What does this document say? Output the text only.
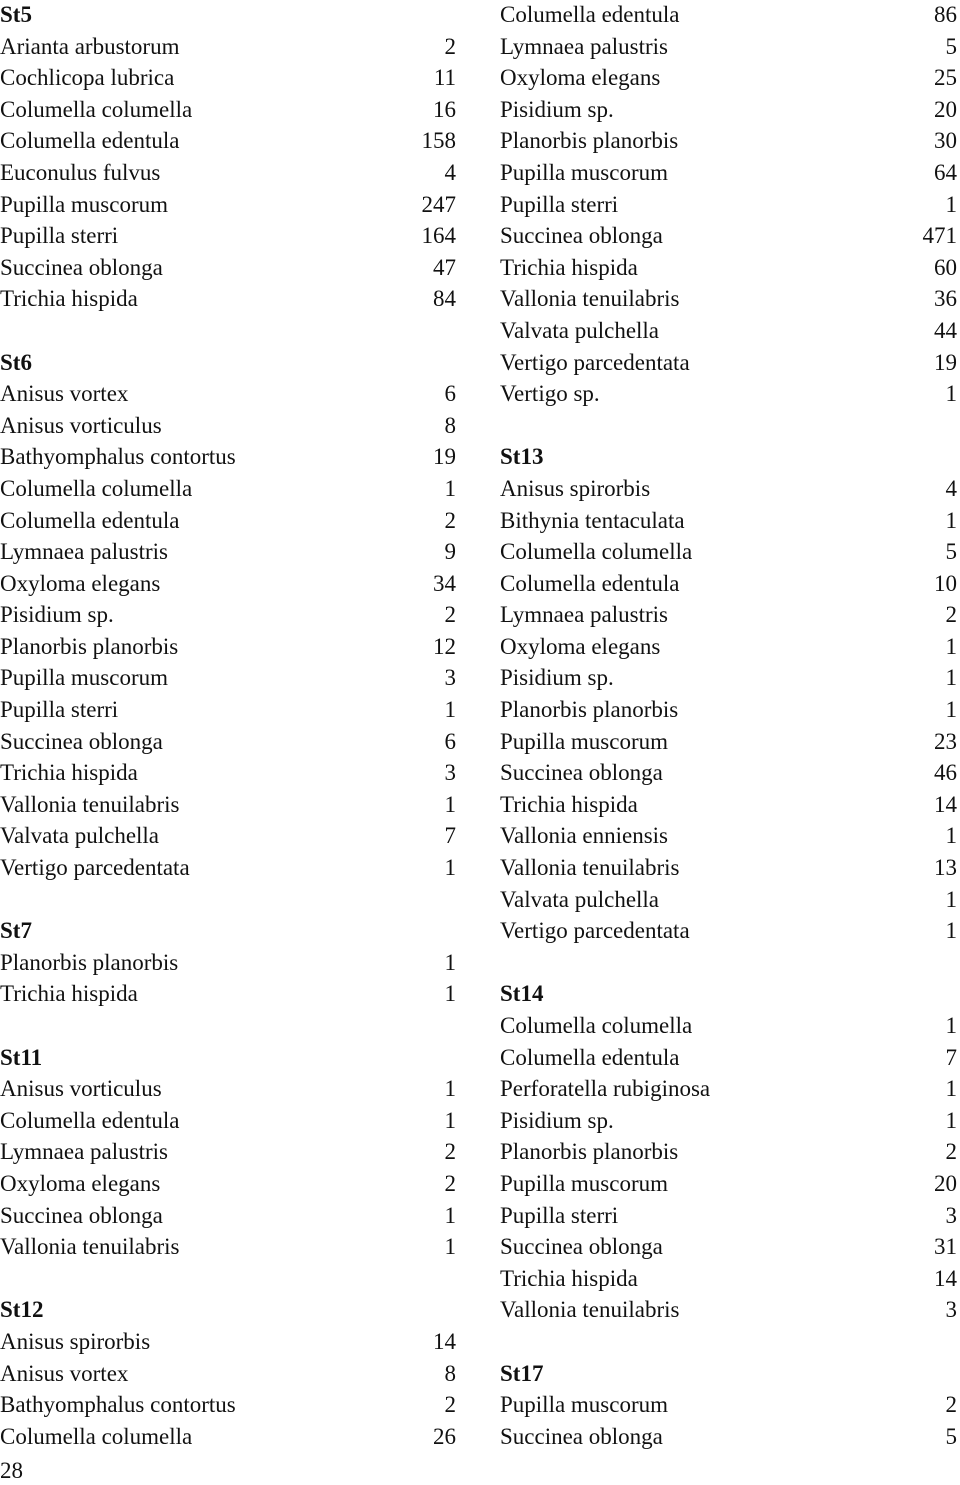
St5
Arianta arbustorum	2
Cochlicopa lubrica	11
Columella columella	16
Columella edentula	158
Euconulus fulvus	4
Pupilla muscorum	247
Pupilla sterri	164
Succinea oblonga	47
Trichia hispida	84
St6
Anisus vortex	6
Anisus vorticulus	8
Bathyomphalus contortus	19
Columella columella	1
Columella edentula	2
Lymnaea palustris	9
Oxyloma elegans	34
Pisidium sp.	2
Planorbis planorbis	12
Pupilla muscorum	3
Pupilla sterri	1
Succinea oblonga	6
Trichia hispida	3
Vallonia tenuilabris	1
Valvata pulchella	7
Vertigo parcedentata	1
St7
Planorbis planorbis	1
Trichia hispida	1
St11
Anisus vorticulus	1
Columella edentula	1
Lymnaea palustris	2
Oxyloma elegans	2
Succinea oblonga	1
Vallonia tenuilabris	1
St12
Anisus spirorbis	14
Anisus vortex	8
Bathyomphalus contortus	2
Columella columella	26
Columella edentula	86
Lymnaea palustris	5
Oxyloma elegans	25
Pisidium sp.	20
Planorbis planorbis	30
Pupilla muscorum	64
Pupilla sterri	1
Succinea oblonga	471
Trichia hispida	60
Vallonia tenuilabris	36
Valvata pulchella	44
Vertigo parcedentata	19
Vertigo sp.	1
St13
Anisus spirorbis	4
Bithynia tentaculata	1
Columella columella	5
Columella edentula	10
Lymnaea palustris	2
Oxyloma elegans	1
Pisidium sp.	1
Planorbis planorbis	1
Pupilla muscorum	23
Succinea oblonga	46
Trichia hispida	14
Vallonia enniensis	1
Vallonia tenuilabris	13
Valvata pulchella	1
Vertigo parcedentata	1
St14
Columella columella	1
Columella edentula	7
Perforatella rubiginosa	1
Pisidium sp.	1
Planorbis planorbis	2
Pupilla muscorum	20
Pupilla sterri	3
Succinea oblonga	31
Trichia hispida	14
Vallonia tenuilabris	3
St17
Pupilla muscorum	2
Succinea oblonga	5
28
